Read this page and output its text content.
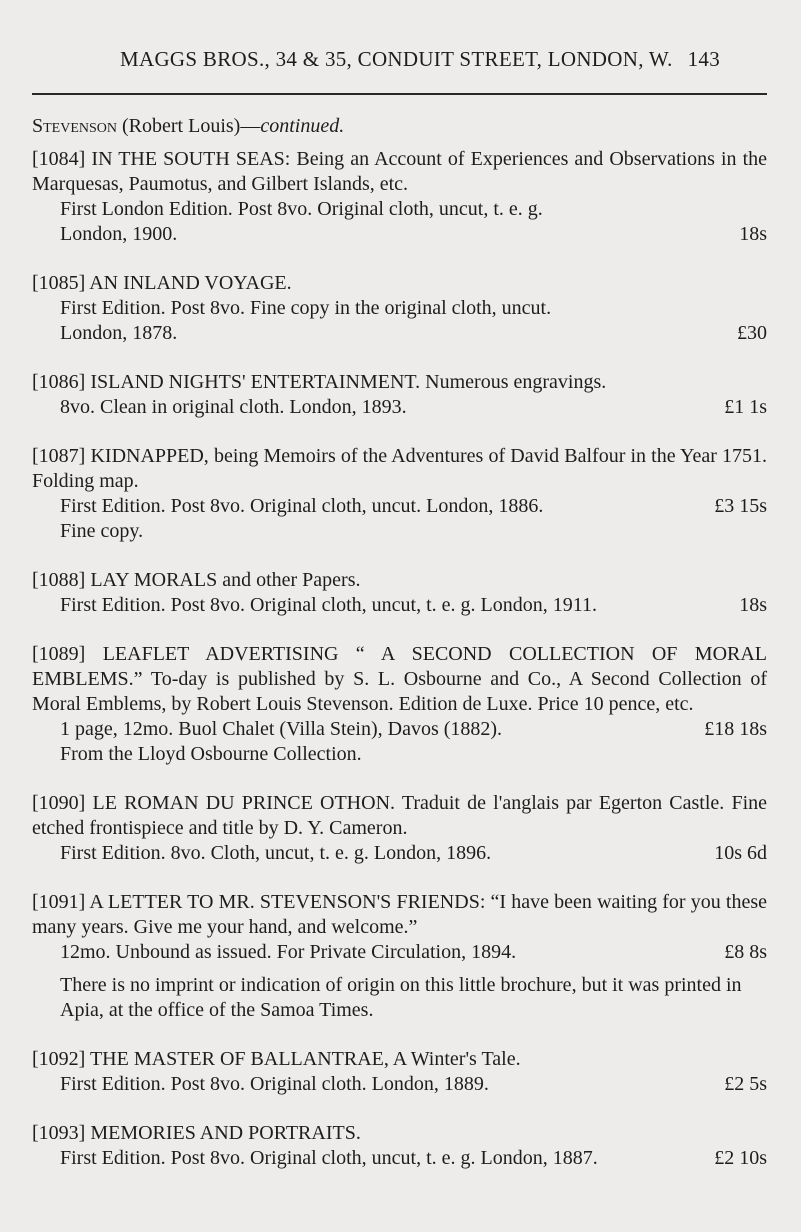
MAGGS BROS., 34 & 35, CONDUIT STREET, LONDON, W. 143
Stevenson (Robert Louis)—continued.
[1084] IN THE SOUTH SEAS: Being an Account of Experiences and Observations in the Marquesas, Paumotus, and Gilbert Islands, etc.
First London Edition. Post 8vo. Original cloth, uncut, t. e. g.
London, 1900.	18s
[1085] AN INLAND VOYAGE.
First Edition. Post 8vo. Fine copy in the original cloth, uncut.
London, 1878.	£30
[1086] ISLAND NIGHTS' ENTERTAINMENT. Numerous engravings.
8vo. Clean in original cloth. London, 1893.	£1 1s
[1087] KIDNAPPED, being Memoirs of the Adventures of David Balfour in the Year 1751. Folding map.
First Edition. Post 8vo. Original cloth, uncut. London, 1886.	£3 15s
Fine copy.
[1088] LAY MORALS and other Papers.
First Edition. Post 8vo. Original cloth, uncut, t. e. g. London, 1911.	18s
[1089] LEAFLET ADVERTISING “ A SECOND COLLECTION OF MORAL EMBLEMS.” To-day is published by S. L. Osbourne and Co., A Second Collection of Moral Emblems, by Robert Louis Stevenson. Edition de Luxe. Price 10 pence, etc.
1 page, 12mo. Buol Chalet (Villa Stein), Davos (1882).	£18 18s
From the Lloyd Osbourne Collection.
[1090] LE ROMAN DU PRINCE OTHON. Traduit de l'anglais par Egerton Castle. Fine etched frontispiece and title by D. Y. Cameron.
First Edition. 8vo. Cloth, uncut, t. e. g. London, 1896.	10s 6d
[1091] A LETTER TO MR. STEVENSON'S FRIENDS: “I have been waiting for you these many years. Give me your hand, and welcome.”
12mo. Unbound as issued. For Private Circulation, 1894.	£8 8s
There is no imprint or indication of origin on this little brochure, but it was printed in Apia, at the office of the Samoa Times.
[1092] THE MASTER OF BALLANTRAE, A Winter's Tale.
First Edition. Post 8vo. Original cloth. London, 1889.	£2 5s
[1093] MEMORIES AND PORTRAITS.
First Edition. Post 8vo. Original cloth, uncut, t. e. g. London, 1887.	£2 10s
